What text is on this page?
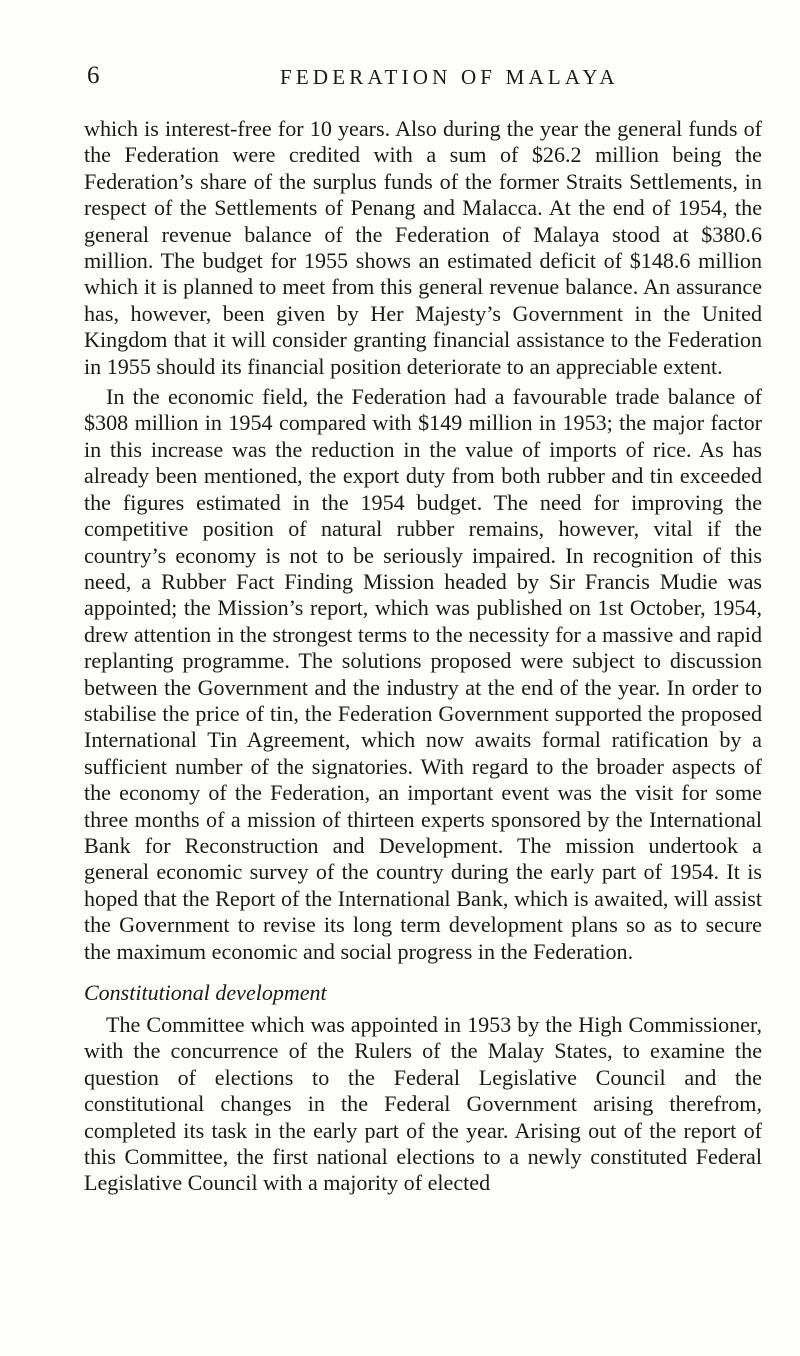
6	FEDERATION OF MALAYA

which is interest-free for 10 years. Also during the year the general funds of the Federation were credited with a sum of $26.2 million being the Federation’s share of the surplus funds of the former Straits Settlements, in respect of the Settlements of Penang and Malacca. At the end of 1954, the general revenue balance of the Federation of Malaya stood at $380.6 million. The budget for 1955 shows an estimated deficit of $148.6 million which it is planned to meet from this general revenue balance. An assurance has, however, been given by Her Majesty’s Government in the United Kingdom that it will consider granting financial assistance to the Federation in 1955 should its financial position deteriorate to an appreciable extent.

In the economic field, the Federation had a favourable trade balance of $308 million in 1954 compared with $149 million in 1953; the major factor in this increase was the reduction in the value of imports of rice. As has already been mentioned, the export duty from both rubber and tin exceeded the figures estimated in the 1954 budget. The need for improving the competitive position of natural rubber remains, however, vital if the country’s economy is not to be seriously impaired. In recognition of this need, a Rubber Fact Finding Mission headed by Sir Francis Mudie was appointed; the Mission’s report, which was published on 1st October, 1954, drew attention in the strongest terms to the necessity for a massive and rapid replanting programme. The solutions proposed were subject to discussion between the Government and the industry at the end of the year. In order to stabilise the price of tin, the Federation Government supported the proposed International Tin Agreement, which now awaits formal ratification by a sufficient number of the signatories. With regard to the broader aspects of the economy of the Federation, an important event was the visit for some three months of a mission of thirteen experts sponsored by the International Bank for Reconstruction and Development. The mission undertook a general economic survey of the country during the early part of 1954. It is hoped that the Report of the International Bank, which is awaited, will assist the Government to revise its long term development plans so as to secure the maximum economic and social progress in the Federation.

Constitutional development

The Committee which was appointed in 1953 by the High Commissioner, with the concurrence of the Rulers of the Malay States, to examine the question of elections to the Federal Legislative Council and the constitutional changes in the Federal Government arising therefrom, completed its task in the early part of the year. Arising out of the report of this Committee, the first national elections to a newly constituted Federal Legislative Council with a majority of elected
